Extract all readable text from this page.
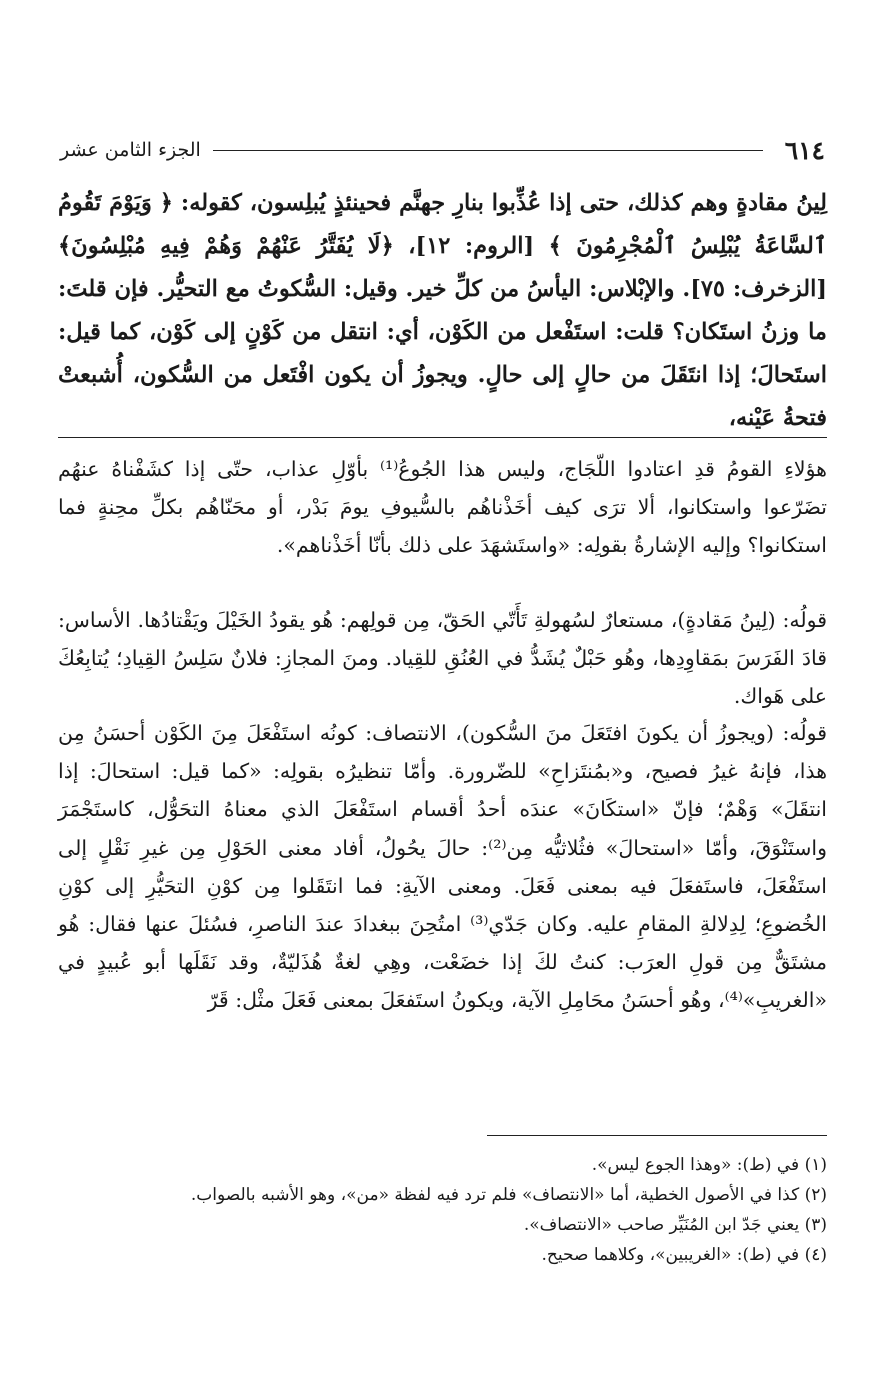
٦١٤
الجزء الثامن عشر

لِينُ مقادةٍ وهم كذلك، حتى إذا عُذِّبوا بنارِ جهنَّم فحينئذٍ يُبلِسون، كقوله: ﴿ وَيَوْمَ تَقُومُ ٱلسَّاعَةُ يُبْلِسُ ٱلْمُجْرِمُونَ ﴾ [الروم: ١٢]، ﴿لَا يُفَتَّرُ عَنْهُمْ وَهُمْ فِيهِ مُبْلِسُونَ﴾ [الزخرف: ٧٥]. والإبْلاس: اليأسُ من كلِّ خير. وقيل: السُّكوتُ مع التحيُّر. فإن قلتَ: ما وزنُ استَكان؟ قلت: استَفْعل من الكَوْن، أي: انتقل من كَوْنٍ إلى كَوْن، كما قيل: استَحالَ؛ إذا انتَقَلَ من حالٍ إلى حالٍ. ويجوزُ أن يكون افْتَعل من السُّكون، أُشبعتْ فتحةُ عَيْنه،

هؤلاءِ القومُ قدِ اعتادوا اللّجَاج، وليس هذا الجُوعُ⁽¹⁾ بأوّلِ عذاب، حتّى إذا كشَفْناهُ عنهُم تضَرّعوا واستكانوا، ألا ترَى كيف أخَذْناهُم بالسُّيوفِ يومَ بَدْر، أو محَنّاهُم بكلِّ محِنةٍ فما استكانوا؟ وإليه الإشارةُ بقولِه: «واستَشهَدَ على ذلك بأنّا أخَذْناهم».

قولُه: (لِينُ مَقادةٍ)، مستعارٌ لسُهولةِ تَأَتّي الحَقّ، مِن قولِهم: هُو يقودُ الخَيْلَ ويَقْتادُها. الأساس: قادَ الفَرَسَ بمَقاوِدِها، وهُو حَبْلٌ يُشَدُّ في العُنُقِ للقِياد. ومنَ المجازِ: فلانٌ سَلِسُ القِيادِ؛ يُتابِعُكَ على هَواك.

قولُه: (ويجوزُ أن يكونَ افتَعَلَ منَ السُّكون)، الانتصاف: كونُه استَفْعَلَ مِنَ الكَوْن أحسَنُ مِن هذا، فإنهُ غيرُ فصيح، و«بمُنتَزاحِ» للضّرورة. وأمّا تنظيرُه بقولِه: «كما قيل: استحالَ: إذا انتقَلَ» وَهْمٌ؛ فإنّ «استكَانَ» عندَه أحدُ أقسام استَفْعَلَ الذي معناهُ التحَوُّل، كاستَجْمَرَ واستَنْوَقَ، وأمّا «استحالَ» فثُلاثيُّه مِن⁽²⁾: حالَ يحُولُ، أفاد معنى الحَوْلِ مِن غيرِ نَقْلٍ إلى استَفْعَلَ، فاستَفعَلَ فيه بمعنى فَعَلَ. ومعنى الآيةِ: فما انتَقَلوا مِن كوْنِ التحَيُّرِ إلى كوْنِ الخُضوعِ؛ لِدِلالةِ المقامِ عليه. وكان جَدّي⁽³⁾ امتُحِنَ ببغدادَ عندَ الناصرِ، فسُئلَ عنها فقال: هُو مشتَقٌّ مِن قولِ العرَب: كنتُ لكَ إذا خضَعْت، وهِي لغةٌ هُذَليّةٌ، وقد نَقَلَها أبو عُبيدٍ في «الغريبِ»⁽⁴⁾، وهُو أحسَنُ محَامِلِ الآية، ويكونُ استَفعَلَ بمعنى فَعَلَ مثْل: قَرّ

(١) في (ط): «وهذا الجوع ليس».

(٢) كذا في الأصول الخطية، أما «الانتصاف» فلم ترد فيه لفظة «من»، وهو الأشبه بالصواب.

(٣) يعني جَدّ ابن المُنَيِّر صاحب «الانتصاف».

(٤) في (ط): «الغريبين»، وكلاهما صحيح.
